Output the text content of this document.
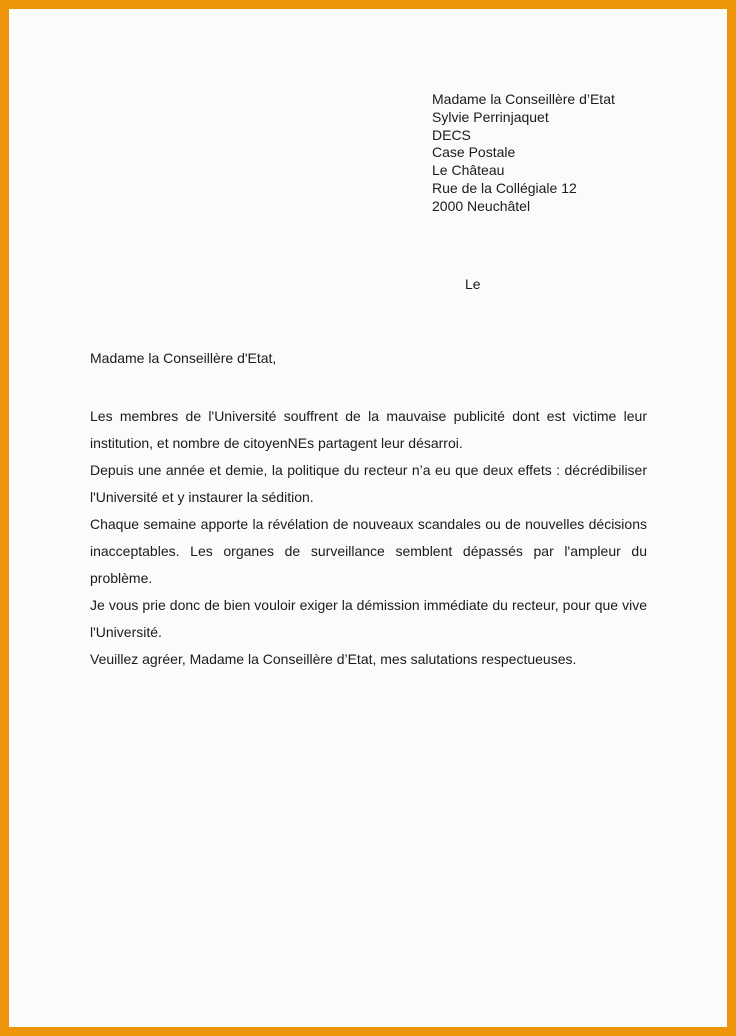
Madame la Conseillère d’Etat
Sylvie Perrinjaquet
DECS
Case Postale
Le Château
Rue de la Collégiale 12
2000 Neuchâtel
Le
Madame la Conseillère d'Etat,

Les membres de l'Université souffrent de la mauvaise publicité dont est victime leur institution, et nombre de citoyenNEs partagent leur désarroi.

Depuis une année et demie, la politique du recteur n’a eu que deux effets : décrédibiliser l'Université et y instaurer la sédition.

Chaque semaine apporte la révélation de nouveaux scandales ou de nouvelles décisions inacceptables. Les organes de surveillance semblent dépassés par l'ampleur du problème.

Je vous prie donc de bien vouloir exiger la démission immédiate du recteur, pour que vive l'Université.

Veuillez agréer, Madame la Conseillère d’Etat, mes salutations respectueuses.
